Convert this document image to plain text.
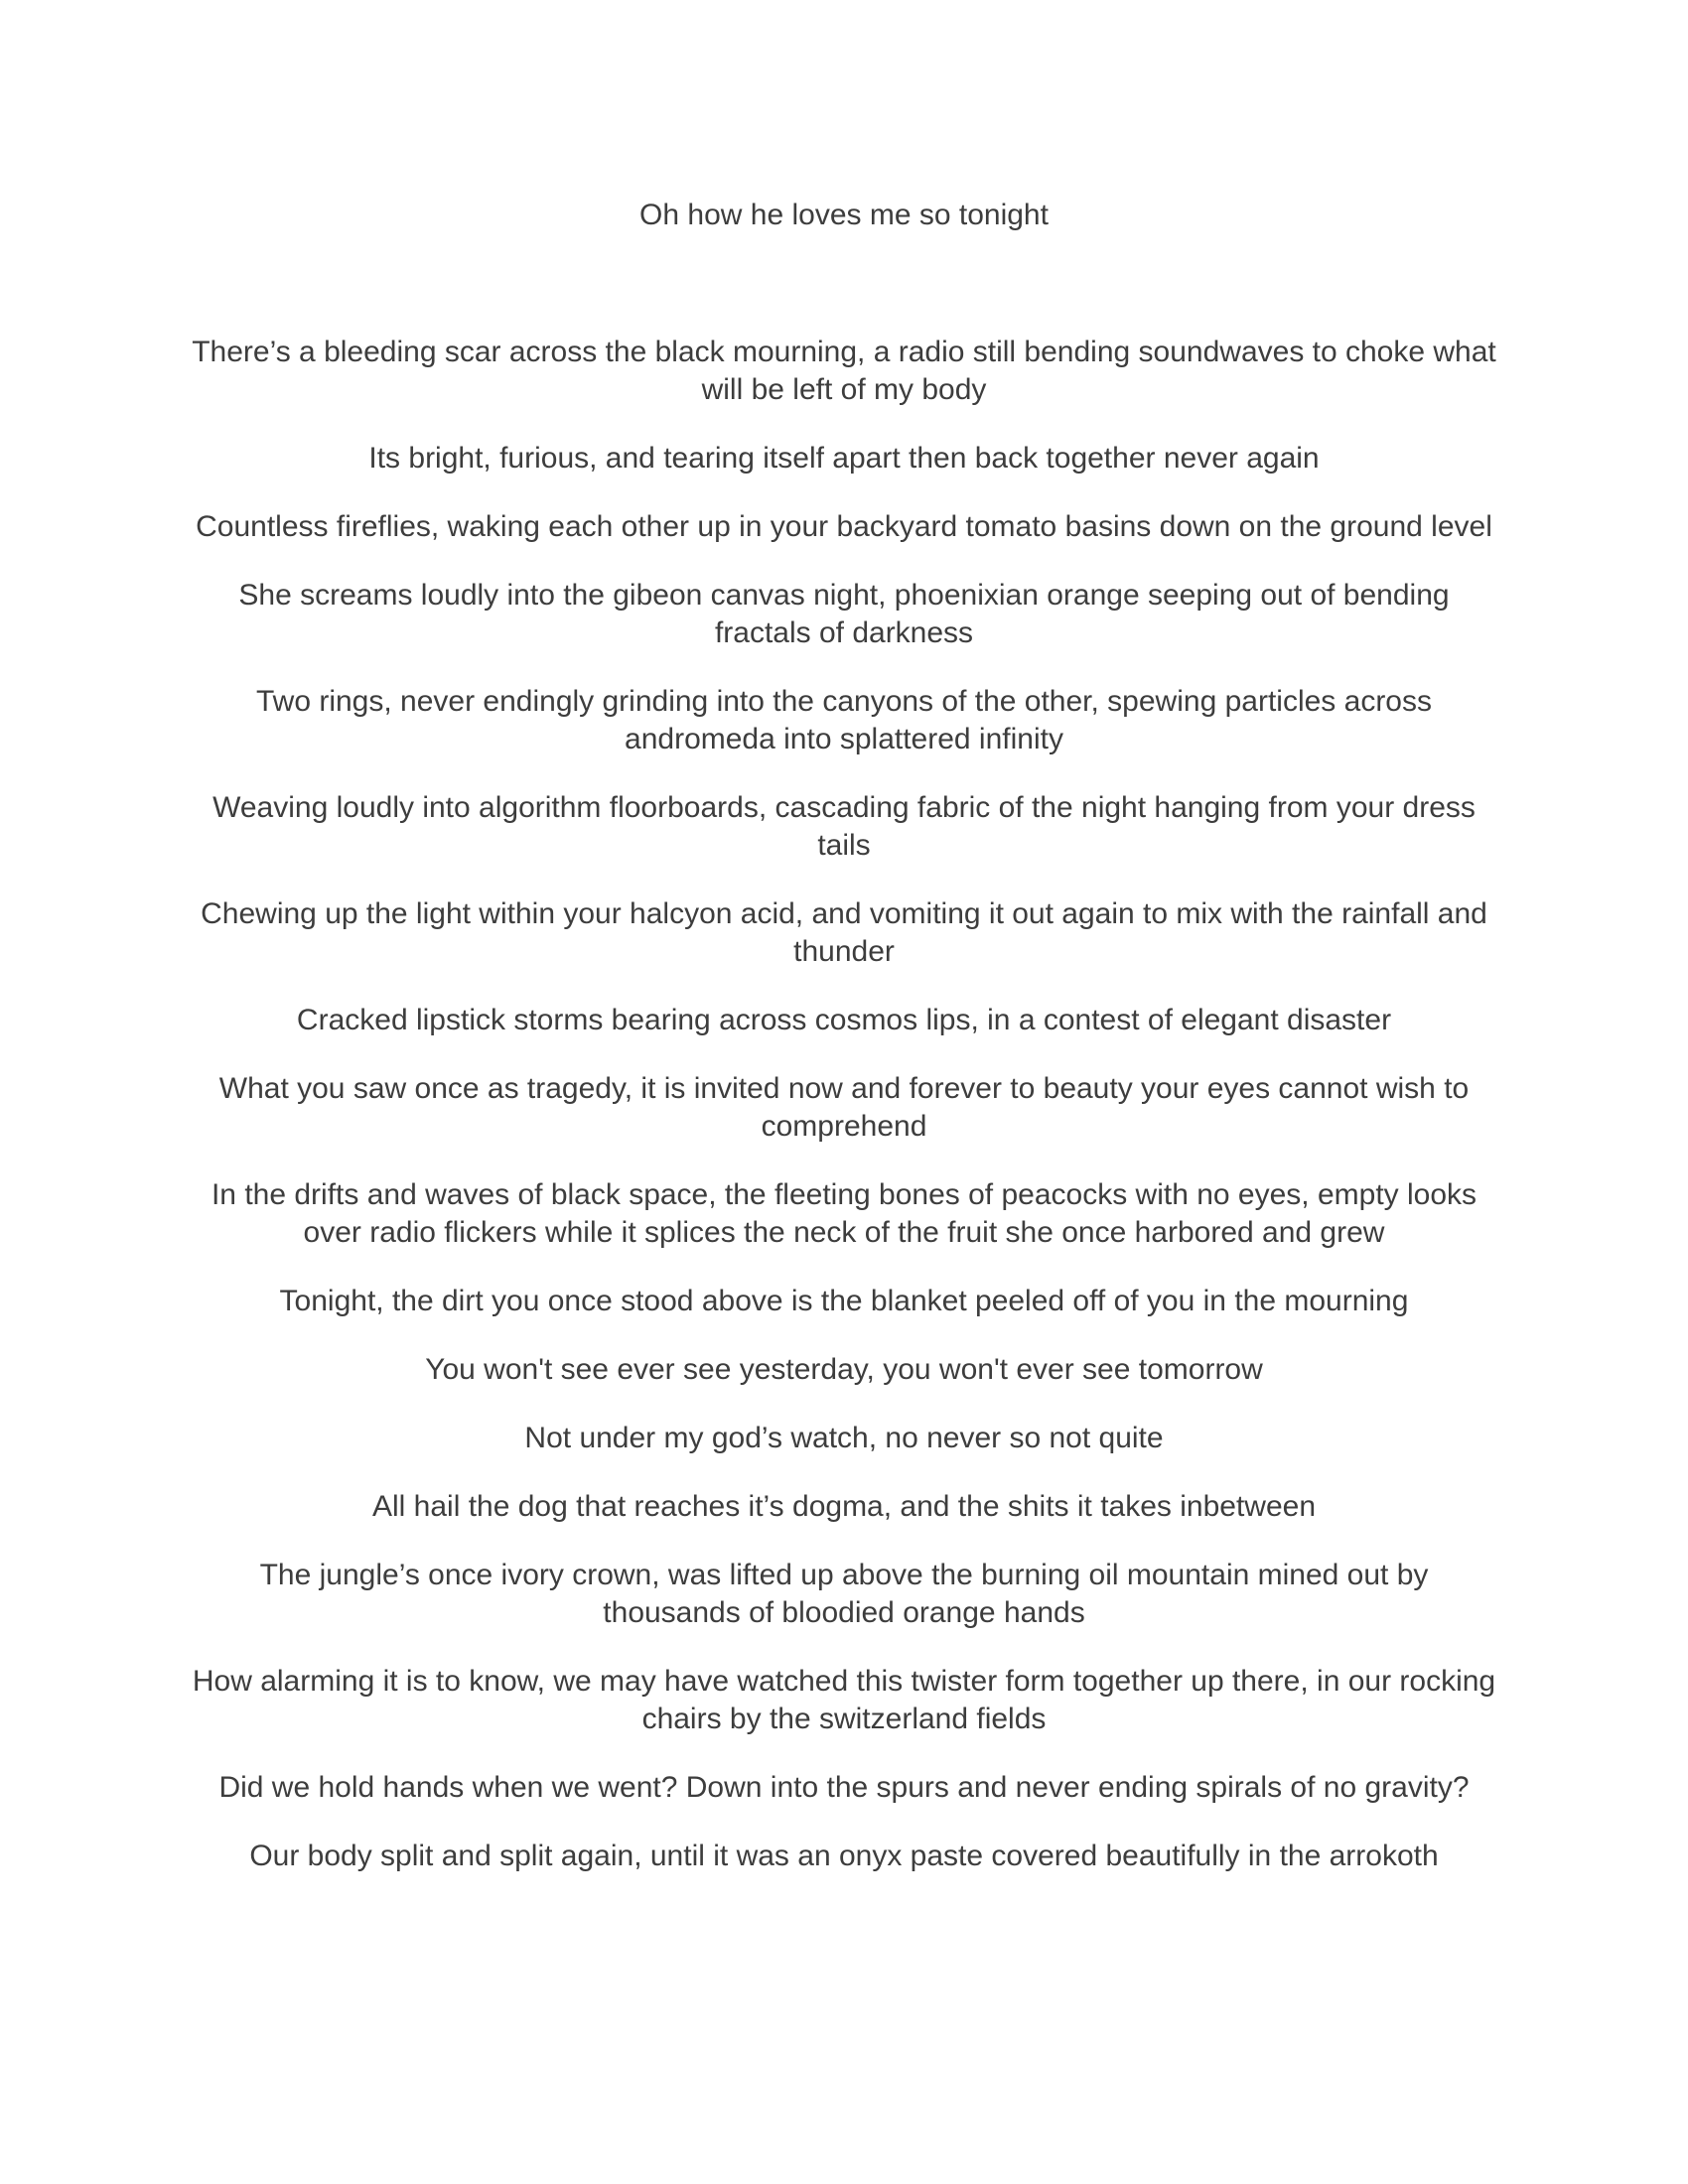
Oh how he loves me so tonight

There’s a bleeding scar across the black mourning, a radio still bending soundwaves to choke what will be left of my body

Its bright, furious, and tearing itself apart then back together never again

Countless fireflies, waking each other up in your backyard tomato basins down on the ground level

She screams loudly into the gibeon canvas night, phoenixian orange seeping out of bending fractals of darkness

Two rings, never endingly grinding into the canyons of the other, spewing particles across andromeda into splattered infinity

Weaving loudly into algorithm floorboards, cascading fabric of the night hanging from your dress tails

Chewing up the light within your halcyon acid, and vomiting it out again to mix with the rainfall and thunder

Cracked lipstick storms bearing across cosmos lips, in a contest of elegant disaster

What you saw once as tragedy, it is invited now and forever to beauty your eyes cannot wish to comprehend

In the drifts and waves of black space, the fleeting bones of peacocks with no eyes, empty looks over radio flickers while it splices the neck of the fruit she once harbored and grew

Tonight, the dirt you once stood above is the blanket peeled off of you in the mourning

You won't see ever see yesterday, you won't ever see tomorrow

Not under my god’s watch, no never so not quite

All hail the dog that reaches it’s dogma, and the shits it takes inbetween

The jungle’s once ivory crown, was lifted up above the burning oil mountain mined out by thousands of bloodied orange hands

How alarming it is to know, we may have watched this twister form together up there, in our rocking chairs by the switzerland fields

Did we hold hands when we went? Down into the spurs and never ending spirals of no gravity?

Our body split and split again, until it was an onyx paste covered beautifully in the arrokoth
